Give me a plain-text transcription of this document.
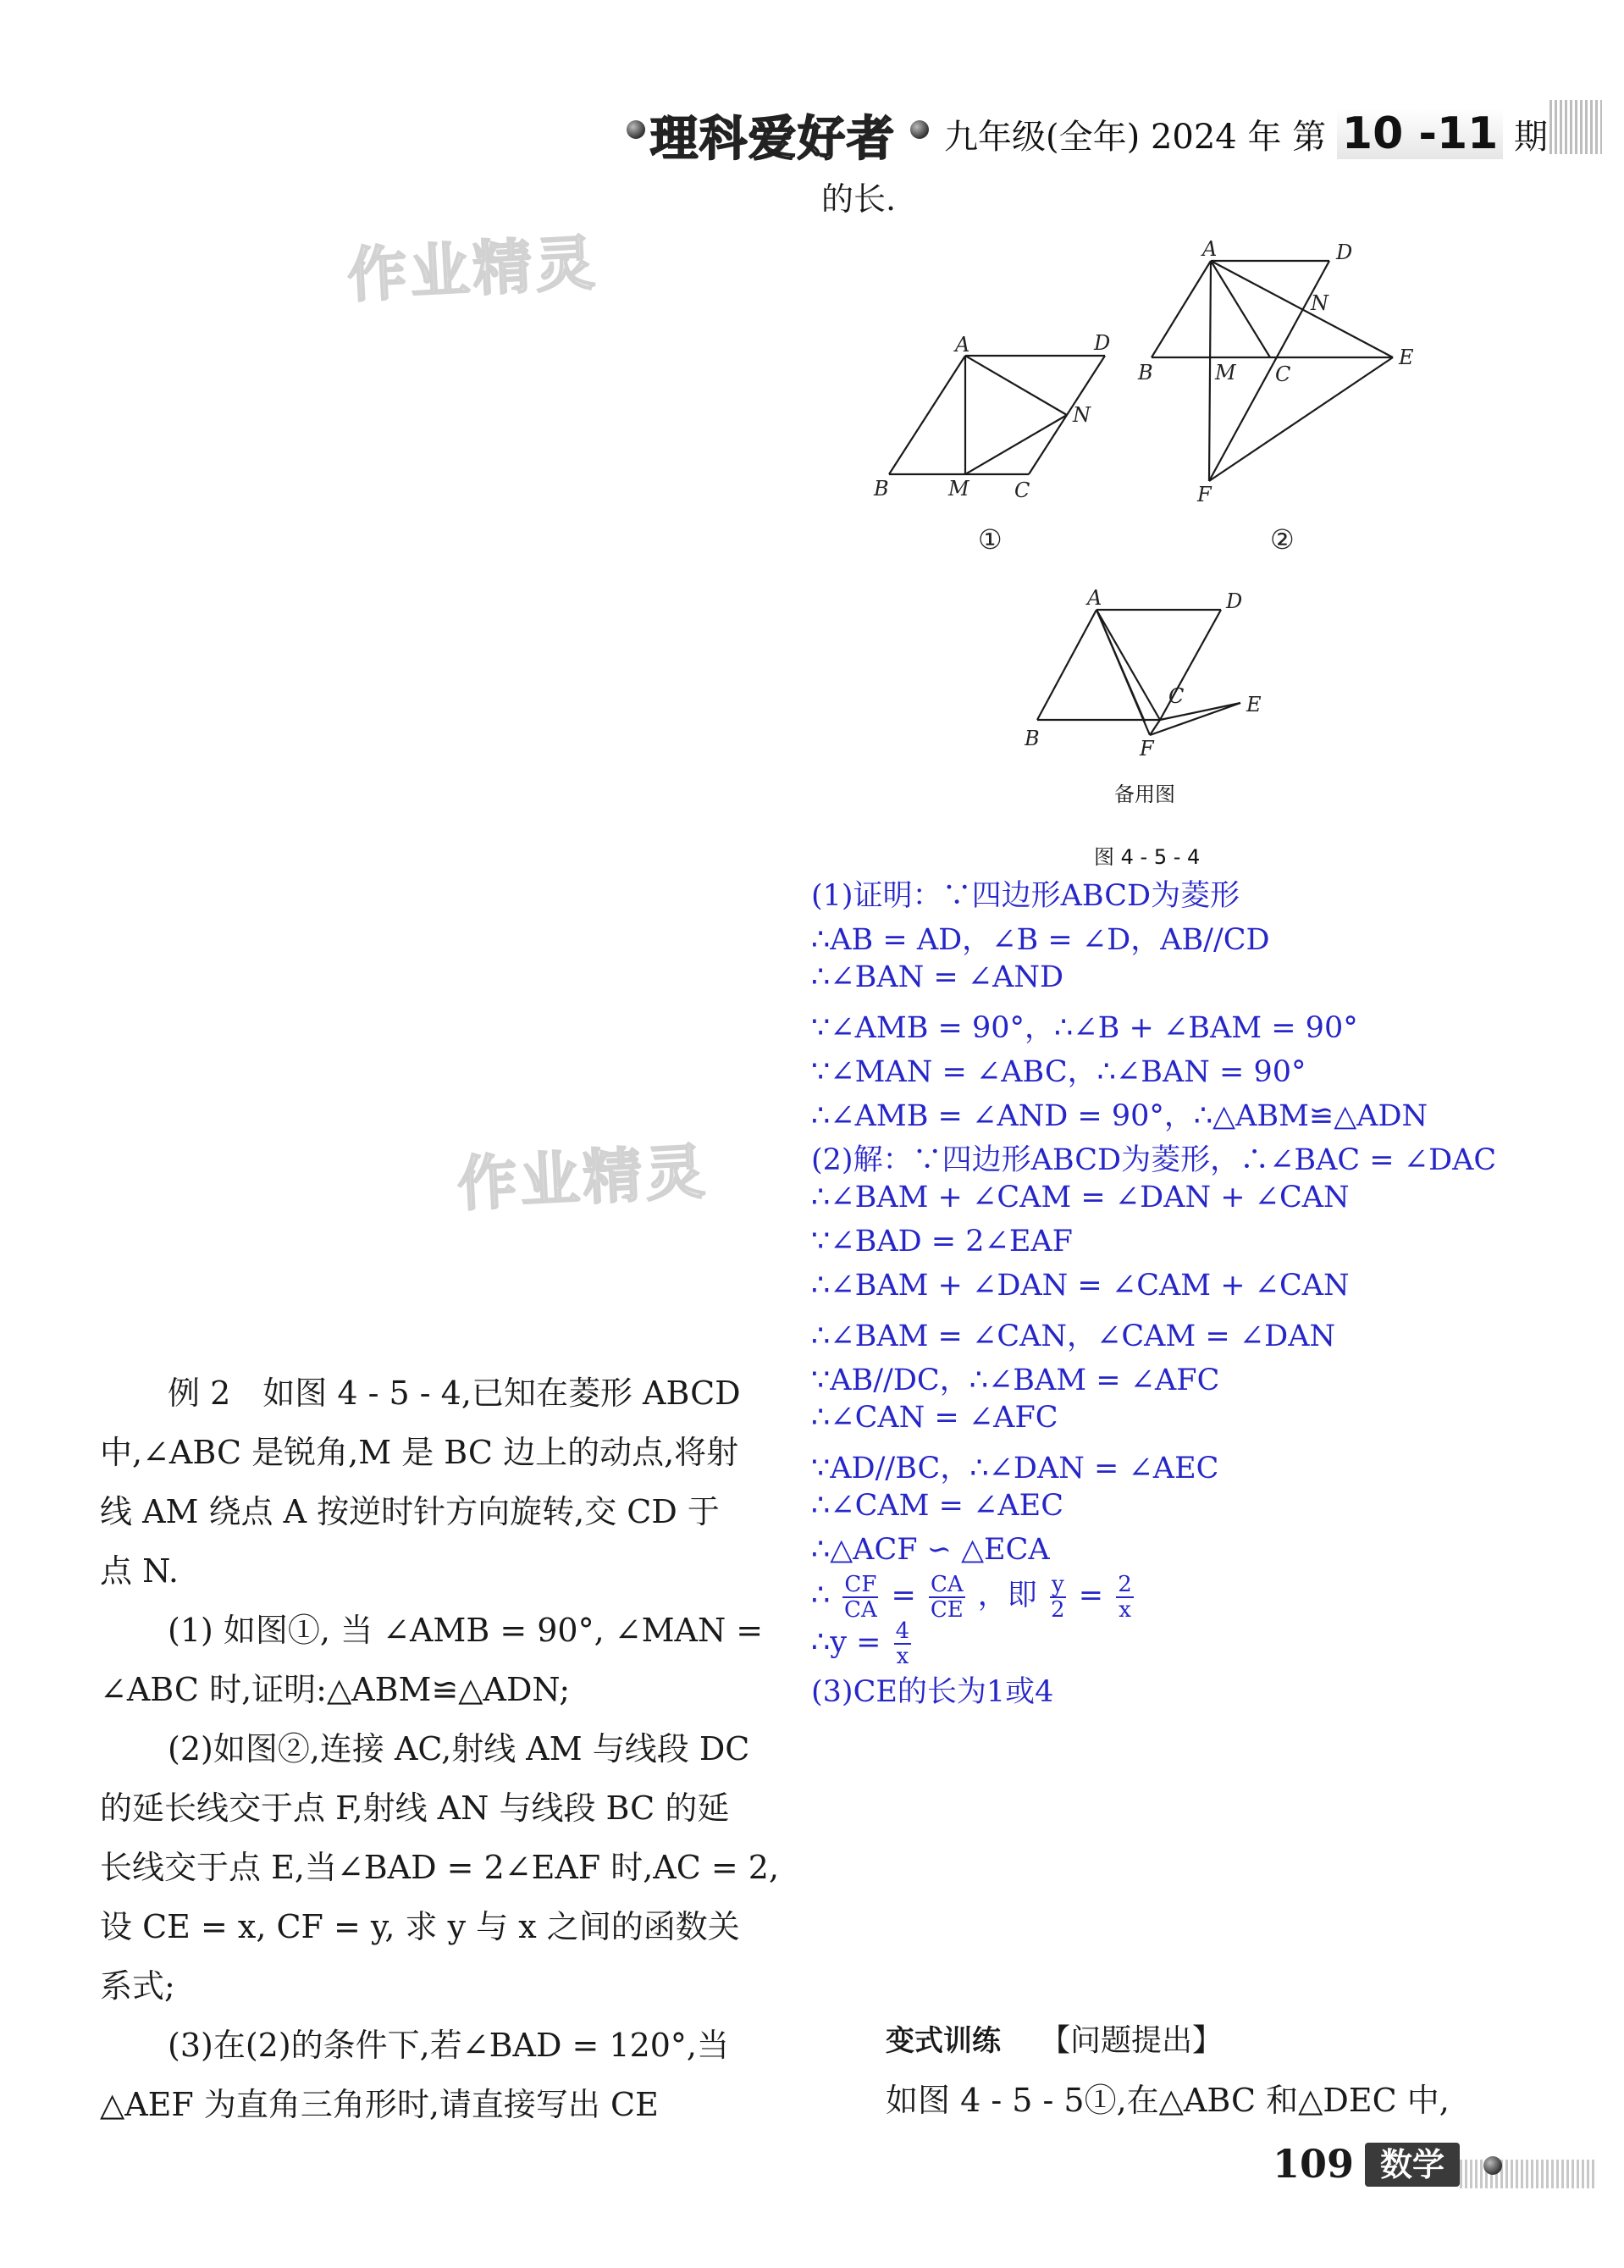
理科爱好者 九年级(全年) 2024 年 第 10 -11 期
作业精灵
作业精灵
的长.
A	D
B	M C
N
①
A	D
N
B	M C
E
F
②
A	D
B
C	E
F
备用图
图 4 - 5 - 4
(1)证明：∵四边形ABCD为菱形
∴AB = AD，∠B = ∠D，AB//CD
∴∠BAN = ∠AND
∵∠AMB = 90°，∴∠B + ∠BAM = 90°
∵∠MAN = ∠ABC，∴∠BAN = 90°
∴∠AMB = ∠AND = 90°，∴△ABM≌△ADN
(2)解：∵四边形ABCD为菱形，∴∠BAC = ∠DAC
∴∠BAM + ∠CAM = ∠DAN + ∠CAN
∵∠BAD = 2∠EAF
∴∠BAM + ∠DAN = ∠CAM + ∠CAN
∴∠BAM = ∠CAN，∠CAM = ∠DAN
∵AB//DC，∴∠BAM = ∠AFC
∴∠CAN = ∠AFC
∵AD//BC，∴∠DAN = ∠AEC
∴∠CAM = ∠AEC
∴△ACF ∽ △ECA
∴ $\frac{CF}{CA} = \frac{CA}{CE}$ ，即 $\frac{y}{2} = \frac{2}{x}$
∴y = $\frac{4}{x}$
(3)CE的长为1或4
例 2　如图 4 - 5 - 4,已知在菱形 ABCD
中,∠ABC 是锐角,M 是 BC 边上的动点,将射
线 AM 绕点 A 按逆时针方向旋转,交 CD 于
点 N.
(1) 如图①, 当 ∠AMB = 90°, ∠MAN =
∠ABC 时,证明:△ABM≌△ADN;
(2)如图②,连接 AC,射线 AM 与线段 DC
的延长线交于点 F,射线 AN 与线段 BC 的延
长线交于点 E,当∠BAD = 2∠EAF 时,AC = 2,
设 CE = x, CF = y, 求 y 与 x 之间的函数关
系式;
(3)在(2)的条件下,若∠BAD = 120°,当
△AEF 为直角三角形时,请直接写出 CE
变式训练 【问题提出】
如图 4 - 5 - 5①,在△ABC 和△DEC 中,
109 数学
